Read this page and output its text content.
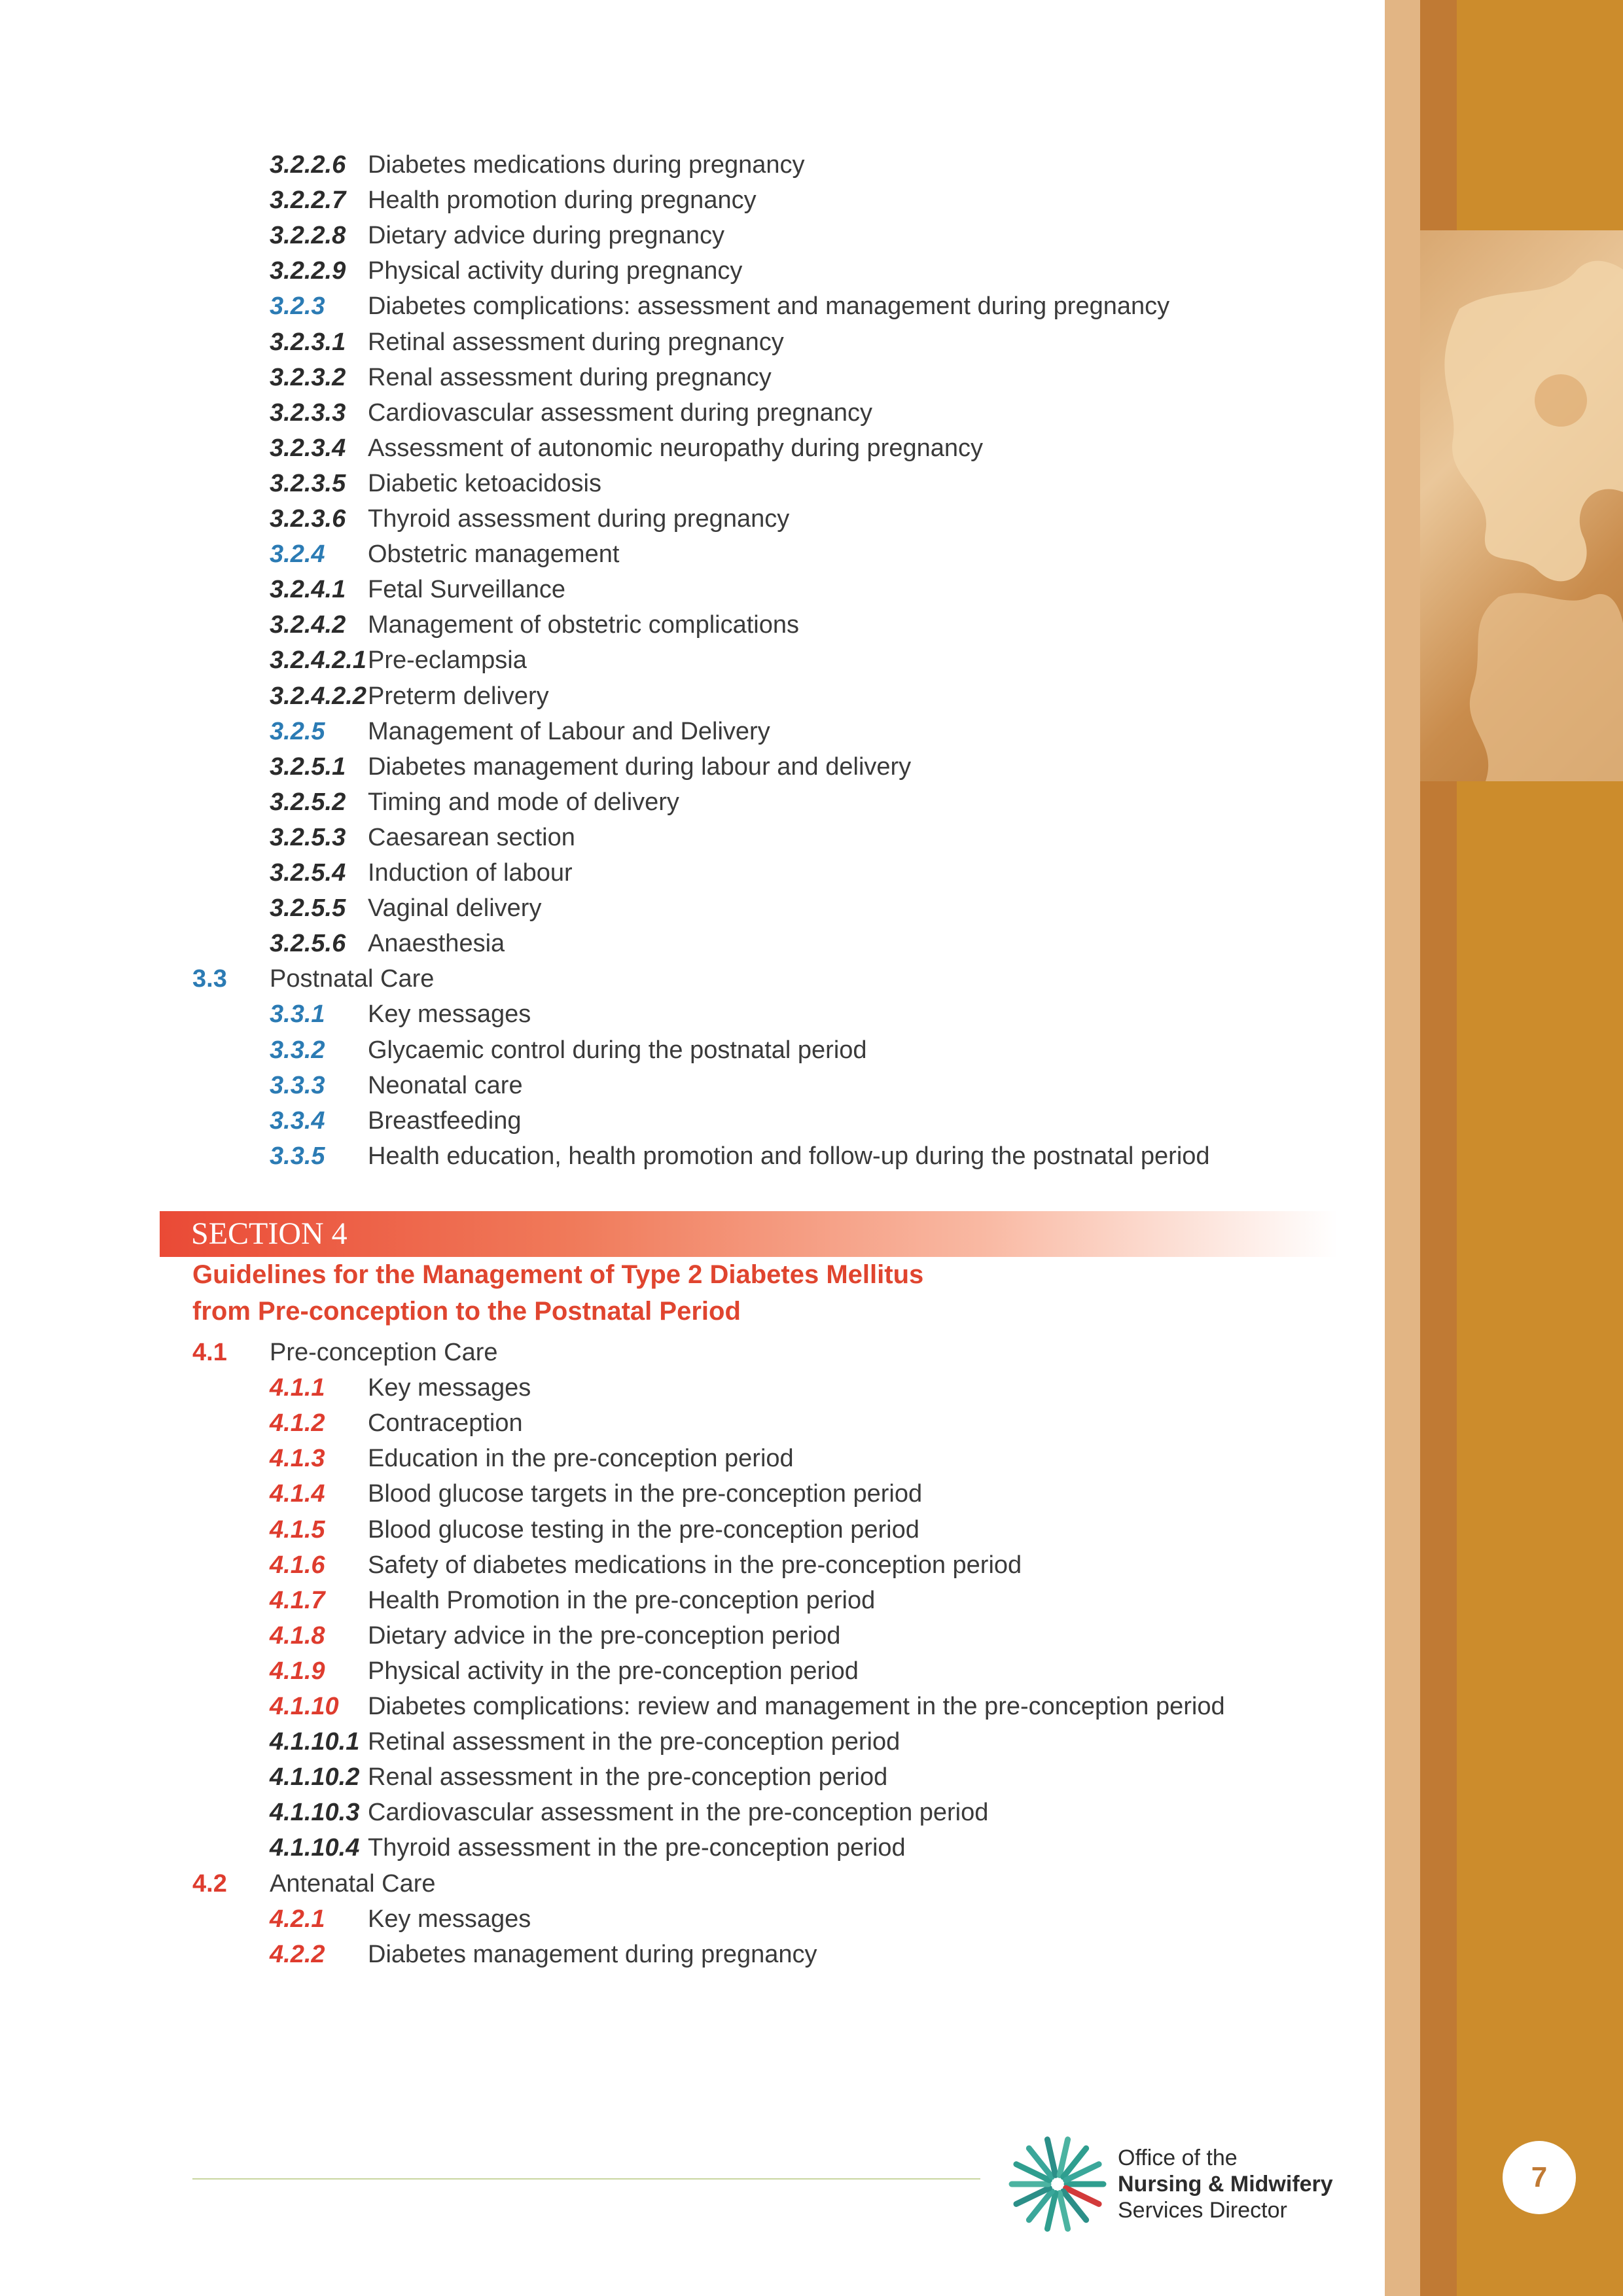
3.2.2.6 Diabetes medications during pregnancy
3.2.2.7 Health promotion during pregnancy
3.2.2.8 Dietary advice during pregnancy
3.2.2.9 Physical activity during pregnancy
3.2.3 Diabetes complications: assessment and management during pregnancy
3.2.3.1 Retinal assessment during pregnancy
3.2.3.2 Renal assessment during pregnancy
3.2.3.3 Cardiovascular assessment during pregnancy
3.2.3.4 Assessment of autonomic neuropathy during pregnancy
3.2.3.5 Diabetic ketoacidosis
3.2.3.6 Thyroid assessment during pregnancy
3.2.4 Obstetric management
3.2.4.1 Fetal Surveillance
3.2.4.2 Management of obstetric complications
3.2.4.2.1 Pre-eclampsia
3.2.4.2.2 Preterm delivery
3.2.5 Management of Labour and Delivery
3.2.5.1 Diabetes management during labour and delivery
3.2.5.2 Timing and mode of delivery
3.2.5.3 Caesarean section
3.2.5.4 Induction of labour
3.2.5.5 Vaginal delivery
3.2.5.6 Anaesthesia
3.3 Postnatal Care
3.3.1 Key messages
3.3.2 Glycaemic control during the postnatal period
3.3.3 Neonatal care
3.3.4 Breastfeeding
3.3.5 Health education, health promotion and follow-up during the postnatal period
SECTION 4
Guidelines for the Management of Type 2 Diabetes Mellitus
from Pre-conception to the Postnatal Period
4.1 Pre-conception Care
4.1.1 Key messages
4.1.2 Contraception
4.1.3 Education in the pre-conception period
4.1.4 Blood glucose targets in the pre-conception period
4.1.5 Blood glucose testing in the pre-conception period
4.1.6 Safety of diabetes medications in the pre-conception period
4.1.7 Health Promotion in the pre-conception period
4.1.8 Dietary advice in the pre-conception period
4.1.9 Physical activity in the pre-conception period
4.1.10 Diabetes complications: review and management in the pre-conception period
4.1.10.1 Retinal assessment in the pre-conception period
4.1.10.2 Renal assessment in the pre-conception period
4.1.10.3 Cardiovascular assessment in the pre-conception period
4.1.10.4 Thyroid assessment in the pre-conception period
4.2 Antenatal Care
4.2.1 Key messages
4.2.2 Diabetes management during pregnancy
Office of the
Nursing & Midwifery
Services Director
7
